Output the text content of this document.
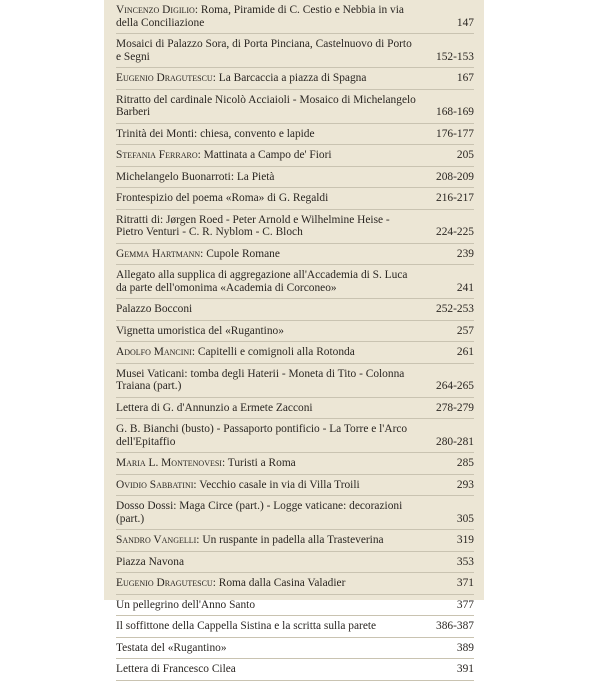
Vincenzo Digilio: Roma, Piramide di C. Cestio e Nebbia in via della Conciliazione	147
Mosaici di Palazzo Sora, di Porta Pinciana, Castelnuovo di Porto e Segni	152-153
Eugenio Dragutescu: La Barcaccia a piazza di Spagna	167
Ritratto del cardinale Nicolò Acciaioli - Mosaico di Michelangelo Barberi	168-169
Trinità dei Monti: chiesa, convento e lapide	176-177
Stefania Ferraro: Mattinata a Campo de' Fiori	205
Michelangelo Buonarroti: La Pietà	208-209
Frontespizio del poema «Roma» di G. Regaldi	216-217
Ritratti di: Jørgen Roed - Peter Arnold e Wilhelmine Heise - Pietro Venturi - C. R. Nyblom - C. Bloch	224-225
Gemma Hartmann: Cupole Romane	239
Allegato alla supplica di aggregazione all'Accademia di S. Luca da parte dell'omonima «Academia di Corconeo»	241
Palazzo Bocconi	252-253
Vignetta umoristica del «Rugantino»	257
Adolfo Mancini: Capitelli e comignoli alla Rotonda	261
Musei Vaticani: tomba degli Haterii - Moneta di Tito - Colonna Traiana (part.)	264-265
Lettera di G. d'Annunzio a Ermete Zacconi	278-279
G. B. Bianchi (busto) - Passaporto pontificio - La Torre e l'Arco dell'Epitaffio	280-281
Maria L. Montenovesi: Turisti a Roma	285
Ovidio Sabbatini: Vecchio casale in via di Villa Troili	293
Dosso Dossi: Maga Circe (part.) - Logge vaticane: decorazioni (part.)	305
Sandro Vangelli: Un ruspante in padella alla Trasteverina	319
Piazza Navona	353
Eugenio Dragutescu: Roma dalla Casina Valadier	371
Un pellegrino dell'Anno Santo	377
Il soffittone della Cappella Sistina e la scritta sulla parete	386-387
Testata del «Rugantino»	389
Lettera di Francesco Cilea	391
